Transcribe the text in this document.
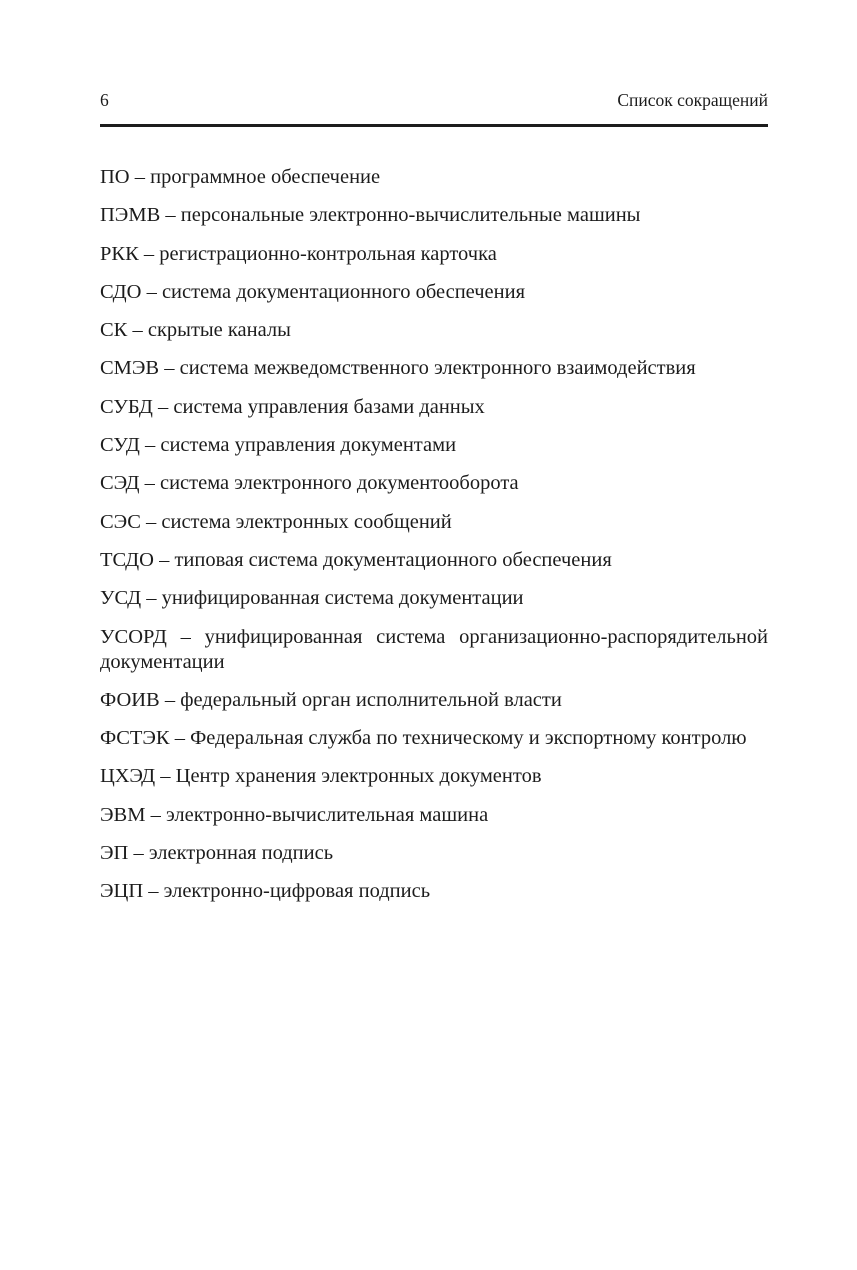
6	Список сокращений
ПО – программное обеспечение
ПЭМВ – персональные электронно-вычислительные машины
РКК – регистрационно-контрольная карточка
СДО – система документационного обеспечения
СК – скрытые каналы
СМЭВ – система межведомственного электронного взаимодействия
СУБД – система управления базами данных
СУД – система управления документами
СЭД – система электронного документооборота
СЭС – система электронных сообщений
ТСДО – типовая система документационного обеспечения
УСД – унифицированная система документации
УСОРД – унифицированная система организационно-распорядительной документации
ФОИВ – федеральный орган исполнительной власти
ФСТЭК – Федеральная служба по техническому и экспортному контролю
ЦХЭД – Центр хранения электронных документов
ЭВМ – электронно-вычислительная машина
ЭП – электронная подпись
ЭЦП – электронно-цифровая подпись
